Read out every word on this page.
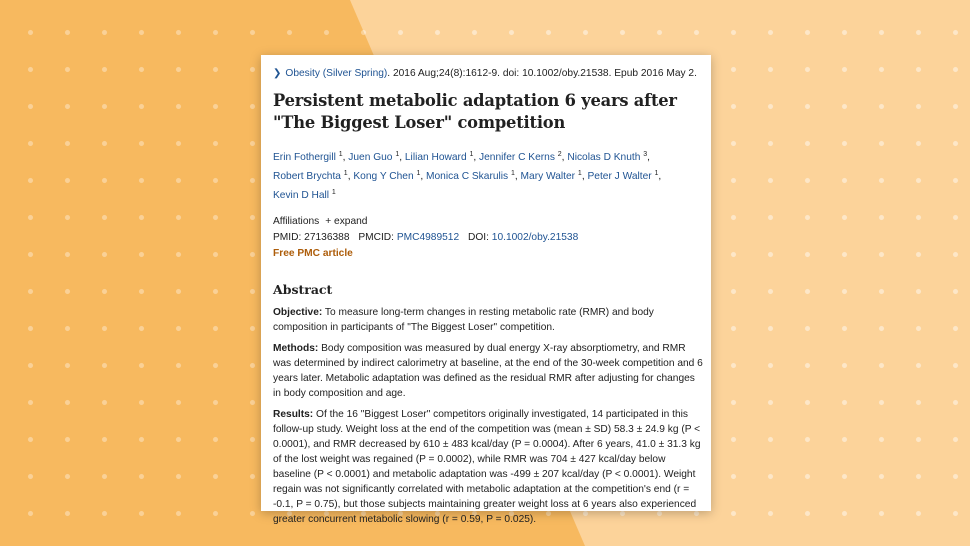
❯ Obesity (Silver Spring). 2016 Aug;24(8):1612-9. doi: 10.1002/oby.21538. Epub 2016 May 2.
Persistent metabolic adaptation 6 years after "The Biggest Loser" competition
Erin Fothergill $^1$, Juen Guo $^1$, Lilian Howard $^1$, Jennifer C Kerns $^2$, Nicolas D Knuth $^3$, Robert Brychta $^1$, Kong Y Chen $^1$, Monica C Skarulis $^1$, Mary Walter $^1$, Peter J Walter $^1$, Kevin D Hall $^1$
Affiliations + expand
PMID: 27136388 PMCID: PMC4989512 DOI: 10.1002/oby.21538
Free PMC article
Abstract
Objective: To measure long-term changes in resting metabolic rate (RMR) and body composition in participants of "The Biggest Loser" competition.
Methods: Body composition was measured by dual energy X-ray absorptiometry, and RMR was determined by indirect calorimetry at baseline, at the end of the 30-week competition and 6 years later. Metabolic adaptation was defined as the residual RMR after adjusting for changes in body composition and age.
Results: Of the 16 "Biggest Loser" competitors originally investigated, 14 participated in this follow-up study. Weight loss at the end of the competition was (mean ± SD) 58.3 ± 24.9 kg (P < 0.0001), and RMR decreased by 610 ± 483 kcal/day (P = 0.0004). After 6 years, 41.0 ± 31.3 kg of the lost weight was regained (P = 0.0002), while RMR was 704 ± 427 kcal/day below baseline (P < 0.0001) and metabolic adaptation was -499 ± 207 kcal/day (P < 0.0001). Weight regain was not significantly correlated with metabolic adaptation at the competition's end (r = -0.1, P = 0.75), but those subjects maintaining greater weight loss at 6 years also experienced greater concurrent metabolic slowing (r = 0.59, P = 0.025).
